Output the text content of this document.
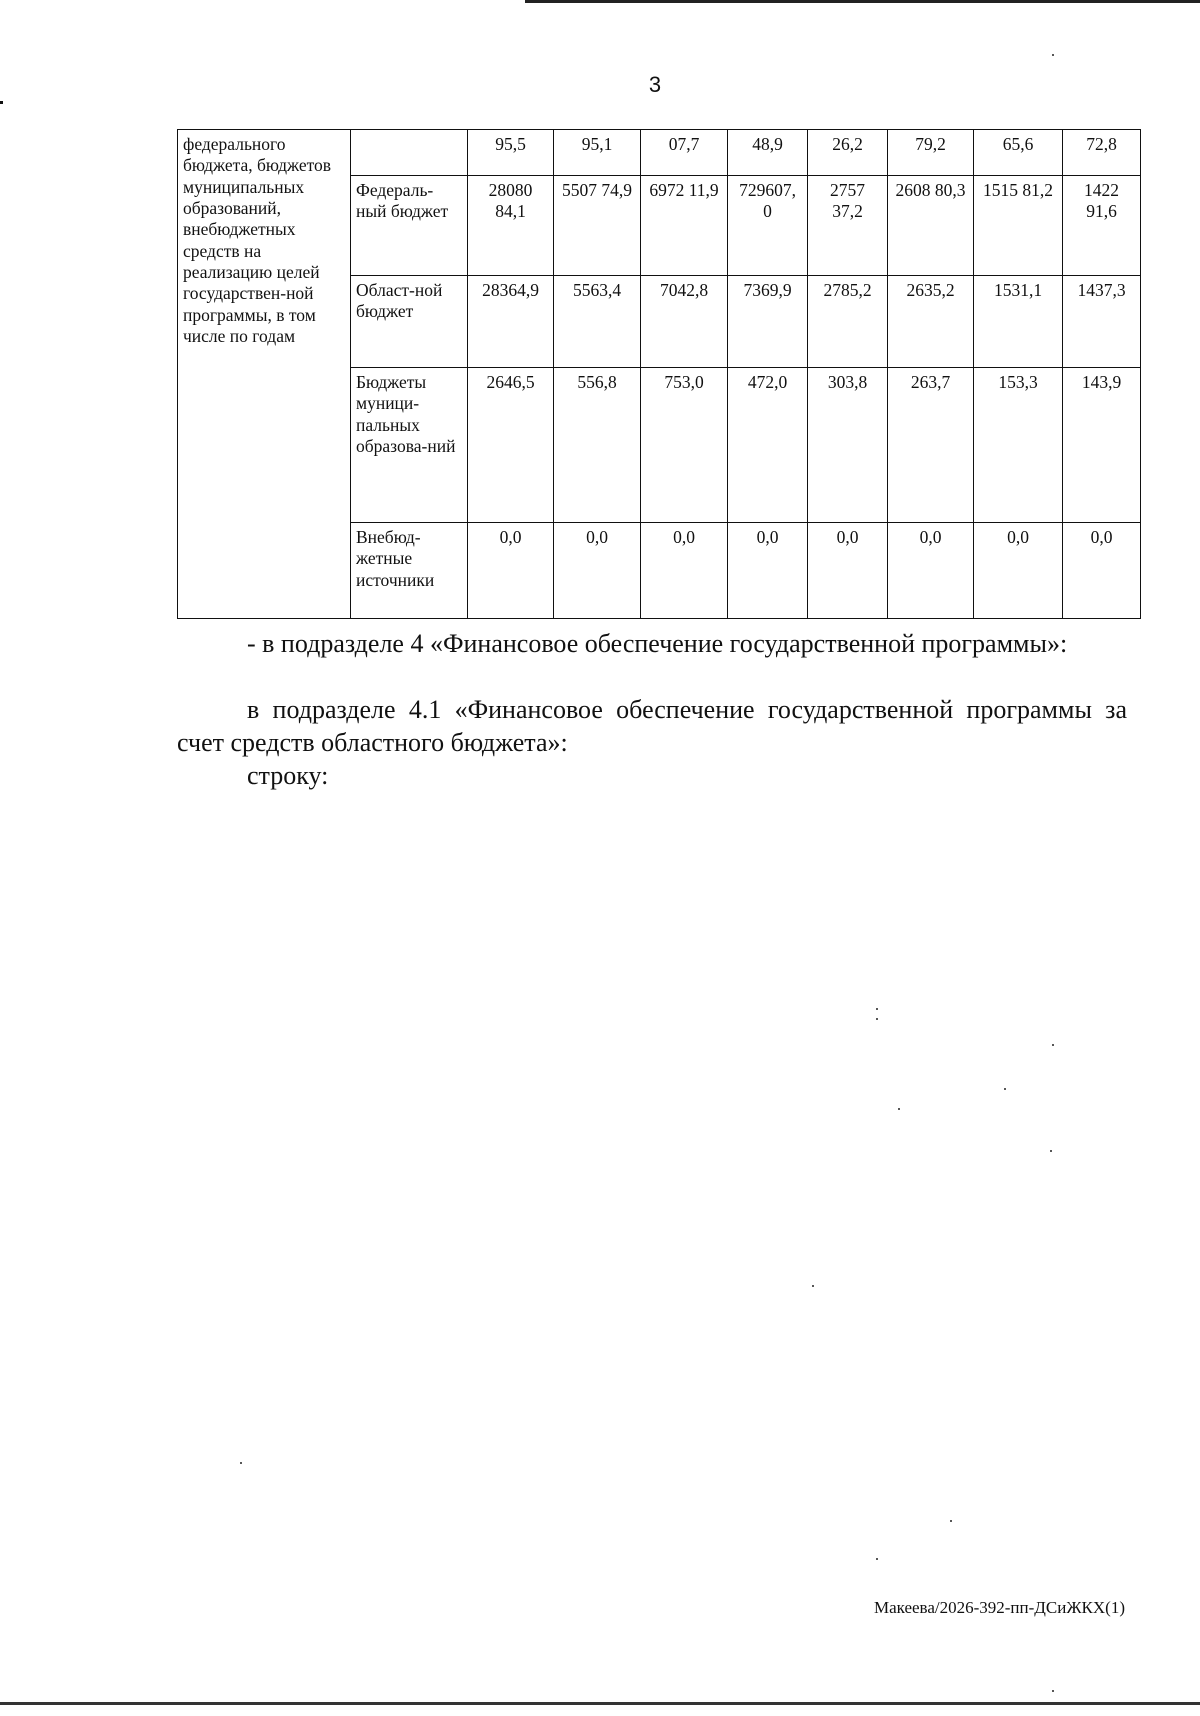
3
федерального бюджета, бюджетов муниципальных образований, внебюджетных средств на реализацию целей государствен-ной программы, в том числе по годам		95,5	95,1	07,7	48,9	26,2	79,2	65,6	72,8
	Федераль-ный бюджет	28080 84,1	5507 74,9	6972 11,9	729607, 0	2757 37,2	2608 80,3	1515 81,2	1422 91,6
	Област-ной бюджет	28364,9	5563,4	7042,8	7369,9	2785,2	2635,2	1531,1	1437,3
	Бюджеты муници-пальных образова-ний	2646,5	556,8	753,0	472,0	303,8	263,7	153,3	143,9
	Внебюд-жетные источники	0,0	0,0	0,0	0,0	0,0	0,0	0,0	0,0
- в подразделе 4 «Финансовое обеспечение государственной программы»:
в подразделе 4.1 «Финансовое обеспечение государственной программы за счет средств областного бюджета»:
строку:
Макеева/2026-392-пп-ДСиЖКХ(1)
